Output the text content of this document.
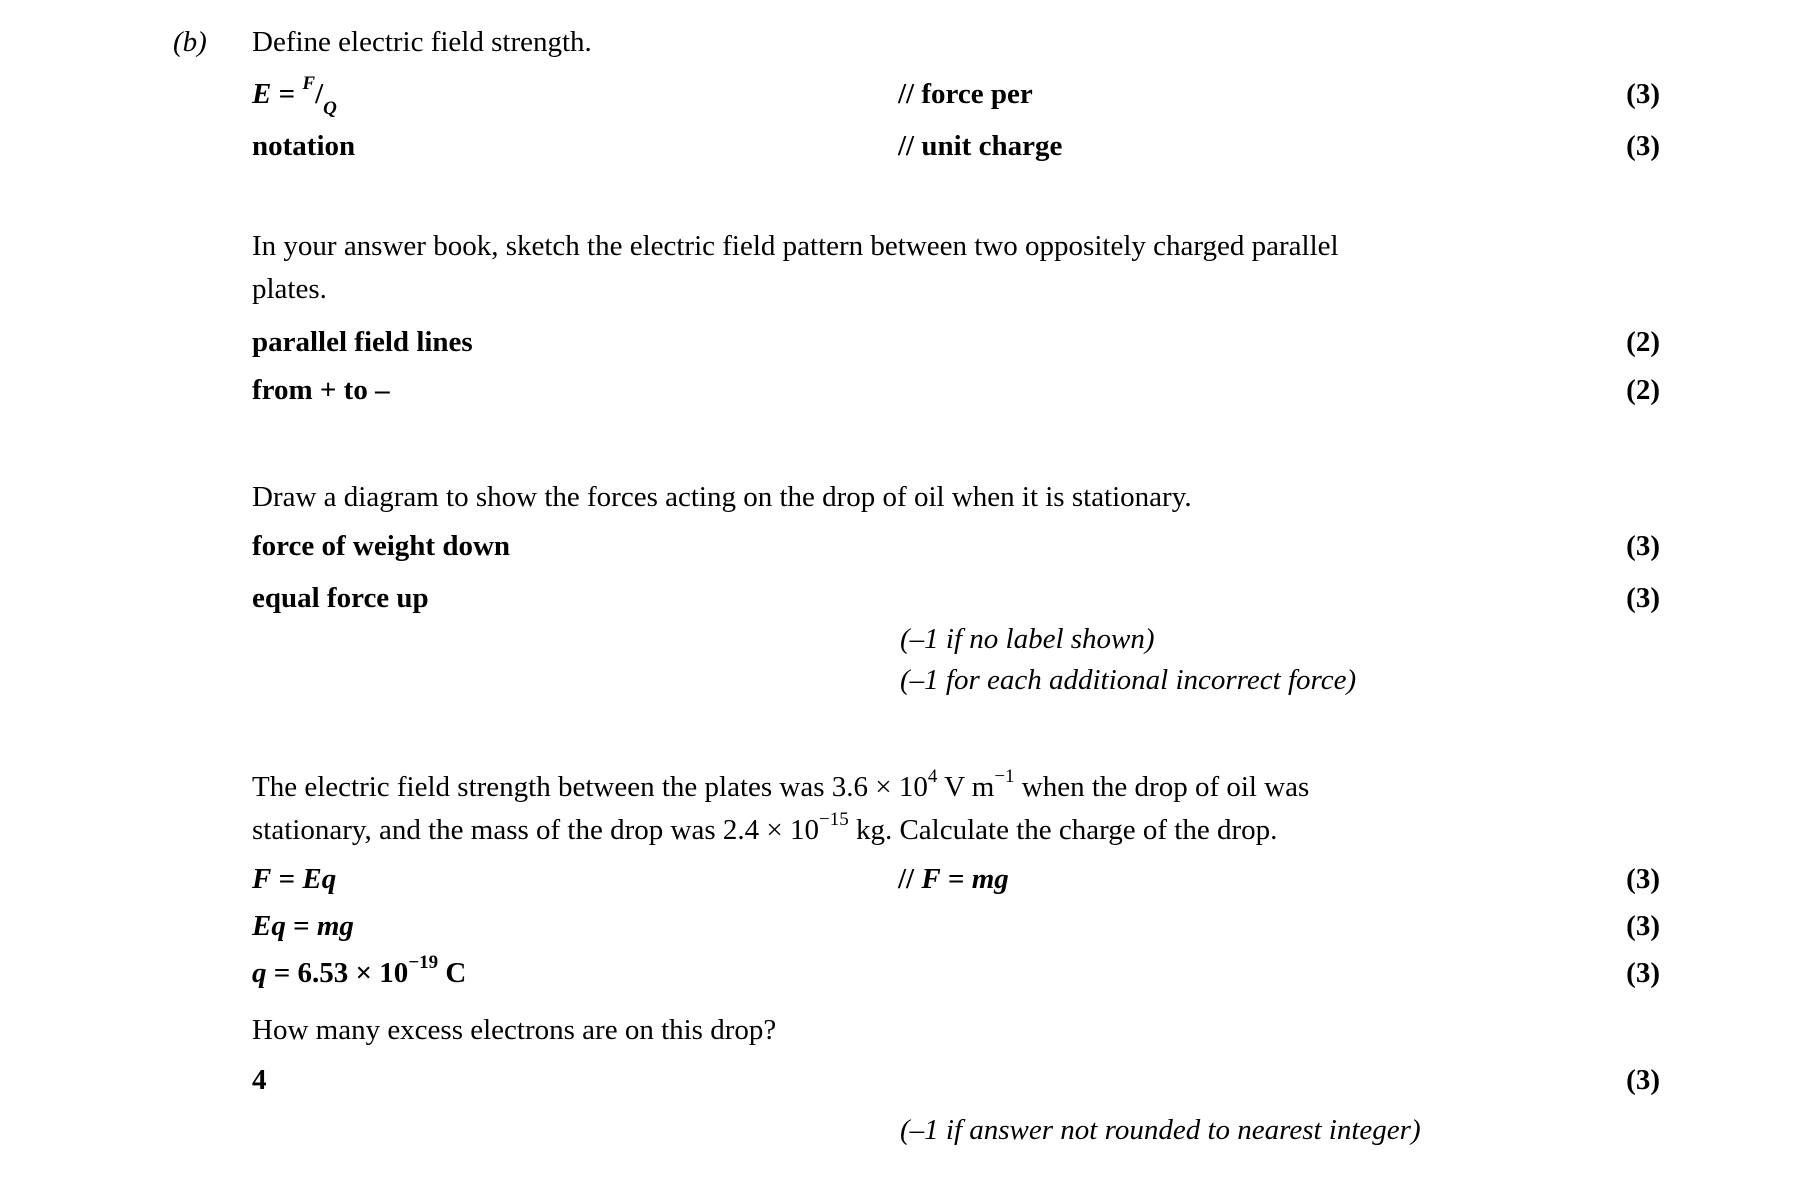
(b) Define electric field strength.
$E = ^F/_Q$	// force per	(3)
notation	// unit charge	(3)

In your answer book, sketch the electric field pattern between two oppositely charged parallel
plates.

parallel field lines	(2)
from + to –	(2)
Draw a diagram to show the forces acting on the drop of oil when it is stationary.
force of weight down	(3)
equal force up	(3)
(–1 if no label shown)
(–1 for each additional incorrect force)

The electric field strength between the plates was $3.6 \times 10^4$ V $m^{-1}$ when the drop of oil was
stationary, and the mass of the drop was $2.4 \times 10^{-15}$ kg. Calculate the charge of the drop.

F = Eq	// F = mg	(3)
Eq = mg	(3)
$q = 6.53 \times 10^{-19}$ C	(3)
How many excess electrons are on this drop?
4	(3)
(–1 if answer not rounded to nearest integer)
